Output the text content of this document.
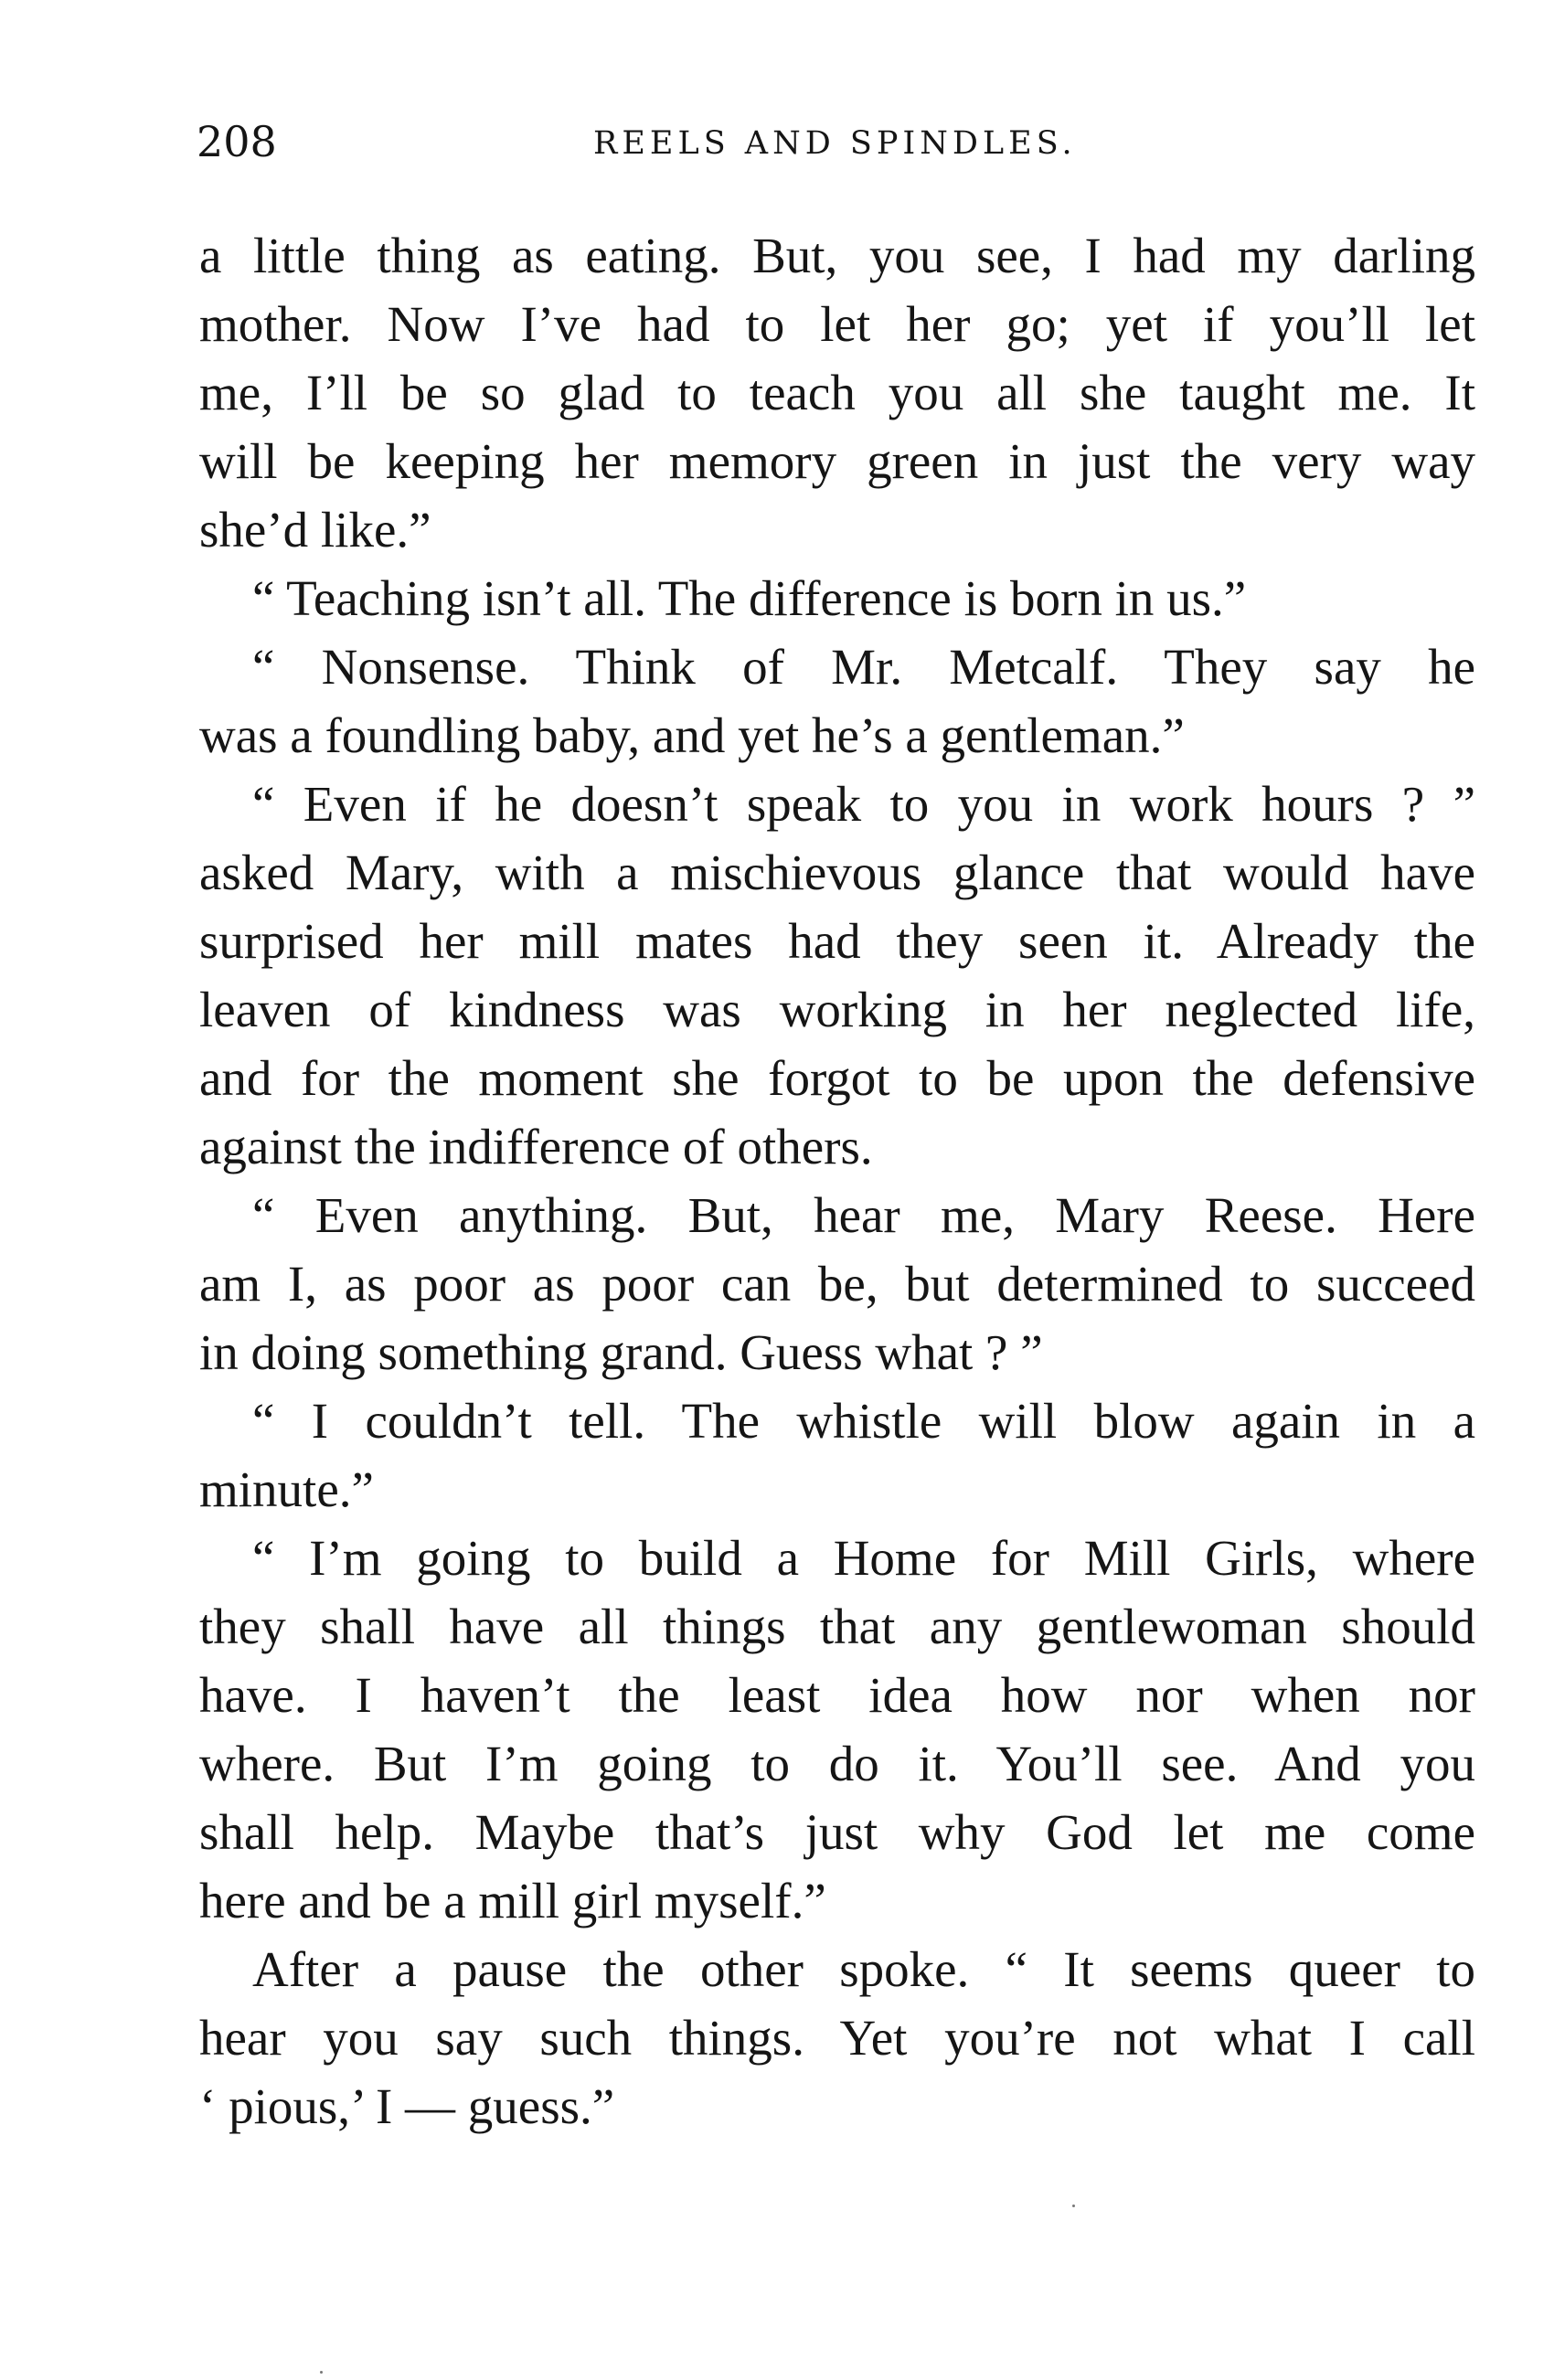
208	REELS AND SPINDLES.
a little thing as eating. But, you see, I had my darling
mother. Now I’ve had to let her go; yet if you’ll let
me, I’ll be so glad to teach you all she taught me. It
will be keeping her memory green in just the very way
she’d like.”
“ Teaching isn’t all. The difference is born in us.”
“ Nonsense. Think of Mr. Metcalf. They say he
was a foundling baby, and yet he’s a gentleman.”
“ Even if he doesn’t speak to you in work hours ? ”
asked Mary, with a mischievous glance that would have
surprised her mill mates had they seen it. Already the
leaven of kindness was working in her neglected life,
and for the moment she forgot to be upon the defensive
against the indifference of others.
“ Even anything. But, hear me, Mary Reese. Here
am I, as poor as poor can be, but determined to succeed
in doing something grand. Guess what ? ”
“ I couldn’t tell. The whistle will blow again in a
minute.”
“ I’m going to build a Home for Mill Girls, where
they shall have all things that any gentlewoman should
have. I haven’t the least idea how nor when nor
where. But I’m going to do it. You’ll see. And you
shall help. Maybe that’s just why God let me come
here and be a mill girl myself.”
After a pause the other spoke. “ It seems queer to
hear you say such things. Yet you’re not what I call
‘ pious,’ I — guess.”
